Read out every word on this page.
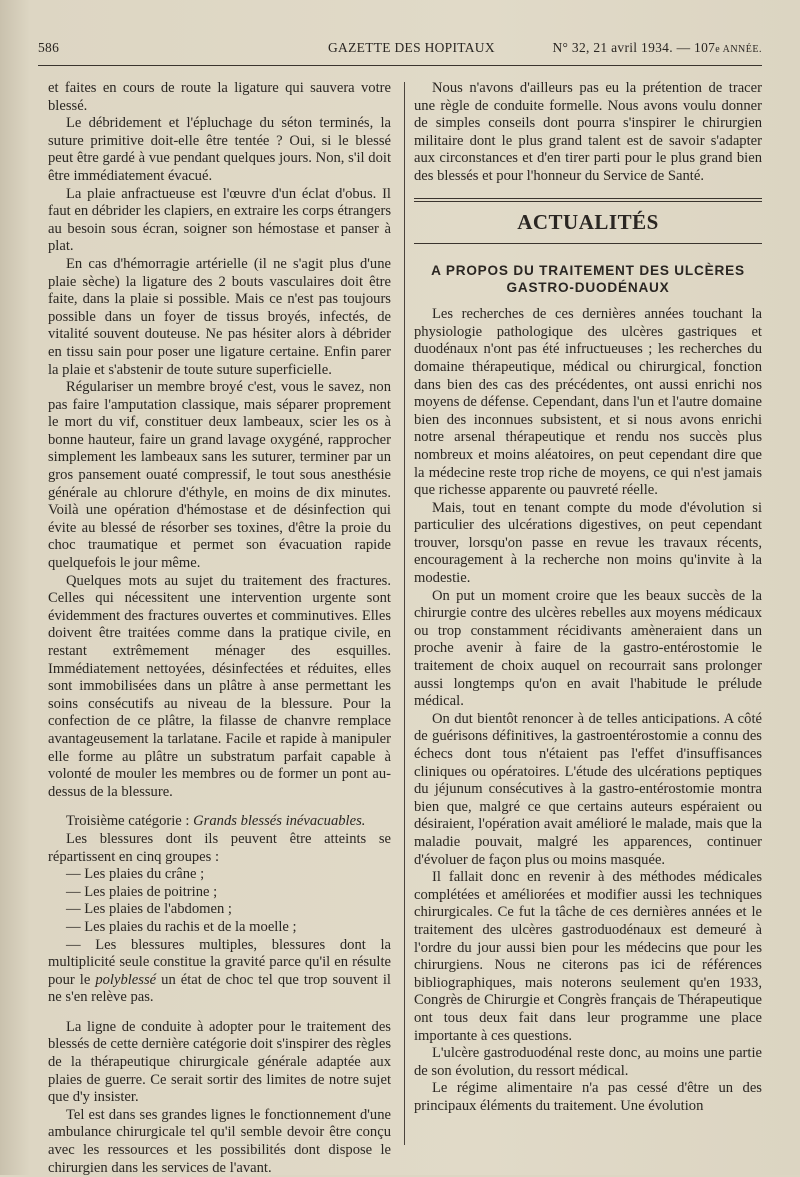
586	GAZETTE DES HOPITAUX	N° 32, 21 avril 1934. — 107e ANNÉE.

et faites en cours de route la ligature qui sauvera votre blessé.

Le débridement et l'épluchage du séton terminés, la suture primitive doit-elle être tentée ? Oui, si le blessé peut être gardé à vue pendant quelques jours. Non, s'il doit être immédiatement évacué.

La plaie anfractueuse est l'œuvre d'un éclat d'obus. Il faut en débrider les clapiers, en extraire les corps étrangers au besoin sous écran, soigner son hémostase et panser à plat.

En cas d'hémorragie artérielle (il ne s'agit plus d'une plaie sèche) la ligature des 2 bouts vasculaires doit être faite, dans la plaie si possible. Mais ce n'est pas toujours possible dans un foyer de tissus broyés, infectés, de vitalité souvent douteuse. Ne pas hésiter alors à débrider en tissu sain pour poser une ligature certaine. Enfin parer la plaie et s'abstenir de toute suture superficielle.

Régulariser un membre broyé c'est, vous le savez, non pas faire l'amputation classique, mais séparer proprement le mort du vif, constituer deux lambeaux, scier les os à bonne hauteur, faire un grand lavage oxygéné, rapprocher simplement les lambeaux sans les suturer, terminer par un gros pansement ouaté compressif, le tout sous anesthésie générale au chlorure d'éthyle, en moins de dix minutes. Voilà une opération d'hémostase et de désinfection qui évite au blessé de résorber ses toxines, d'être la proie du choc traumatique et permet son évacuation rapide quelquefois le jour même.

Quelques mots au sujet du traitement des fractures. Celles qui nécessitent une intervention urgente sont évidemment des fractures ouvertes et comminutives. Elles doivent être traitées comme dans la pratique civile, en restant extrêmement ménager des esquilles. Immédiatement nettoyées, désinfectées et réduites, elles sont immobilisées dans un plâtre à anse permettant les soins consécutifs au niveau de la blessure. Pour la confection de ce plâtre, la filasse de chanvre remplace avantageusement la tarlatane. Facile et rapide à manipuler elle forme au plâtre un substratum parfait capable à volonté de mouler les membres ou de former un pont au-dessus de la blessure.

Troisième catégorie : Grands blessés inévacuables.

Les blessures dont ils peuvent être atteints se répartissent en cinq groupes :

— Les plaies du crâne ;

— Les plaies de poitrine ;

— Les plaies de l'abdomen ;

— Les plaies du rachis et de la moelle ;

— Les blessures multiples, blessures dont la multiplicité seule constitue la gravité parce qu'il en résulte pour le polyblessé un état de choc tel que trop souvent il ne s'en relève pas.

La ligne de conduite à adopter pour le traitement des blessés de cette dernière catégorie doit s'inspirer des règles de la thérapeutique chirurgicale générale adaptée aux plaies de guerre. Ce serait sortir des limites de notre sujet que d'y insister.

Tel est dans ses grandes lignes le fonctionnement d'une ambulance chirurgicale tel qu'il semble devoir être conçu avec les ressources et les possibilités dont dispose le chirurgien dans les services de l'avant.

Nous n'avons d'ailleurs pas eu la prétention de tracer une règle de conduite formelle. Nous avons voulu donner de simples conseils dont pourra s'inspirer le chirurgien militaire dont le plus grand talent est de savoir s'adapter aux circonstances et d'en tirer parti pour le plus grand bien des blessés et pour l'honneur du Service de Santé.

ACTUALITÉS
A PROPOS DU TRAITEMENT DES ULCÈRES
GASTRO-DUODÉNAUX

Les recherches de ces dernières années touchant la physiologie pathologique des ulcères gastriques et duodénaux n'ont pas été infructueuses ; les recherches du domaine thérapeutique, médical ou chirurgical, fonction dans bien des cas des précédentes, ont aussi enrichi nos moyens de défense. Cependant, dans l'un et l'autre domaine bien des inconnues subsistent, et si nous avons enrichi notre arsenal thérapeutique et rendu nos succès plus nombreux et moins aléatoires, on peut cependant dire que la médecine reste trop riche de moyens, ce qui n'est jamais que richesse apparente ou pauvreté réelle.

Mais, tout en tenant compte du mode d'évolution si particulier des ulcérations digestives, on peut cependant trouver, lorsqu'on passe en revue les travaux récents, encouragement à la recherche non moins qu'invite à la modestie.

On put un moment croire que les beaux succès de la chirurgie contre des ulcères rebelles aux moyens médicaux ou trop constamment récidivants amèneraient dans un proche avenir à faire de la gastro-entérostomie le traitement de choix auquel on recourrait sans prolonger aussi longtemps qu'on en avait l'habitude le prélude médical.

On dut bientôt renoncer à de telles anticipations. A côté de guérisons définitives, la gastroentérostomie a connu des échecs dont tous n'étaient pas l'effet d'insuffisances cliniques ou opératoires. L'étude des ulcérations peptiques du jéjunum consécutives à la gastro-entérostomie montra bien que, malgré ce que certains auteurs espéraient ou désiraient, l'opération avait amélioré le malade, mais que la maladie pouvait, malgré les apparences, continuer d'évoluer de façon plus ou moins masquée.

Il fallait donc en revenir à des méthodes médicales complétées et améliorées et modifier aussi les techniques chirurgicales. Ce fut la tâche de ces dernières années et le traitement des ulcères gastroduodénaux est demeuré à l'ordre du jour aussi bien pour les médecins que pour les chirurgiens. Nous ne citerons pas ici de références bibliographiques, mais noterons seulement qu'en 1933, Congrès de Chirurgie et Congrès français de Thérapeutique ont tous deux fait dans leur programme une place importante à ces questions.

L'ulcère gastroduodénal reste donc, au moins une partie de son évolution, du ressort médical.

Le régime alimentaire n'a pas cessé d'être un des principaux éléments du traitement. Une évolution
